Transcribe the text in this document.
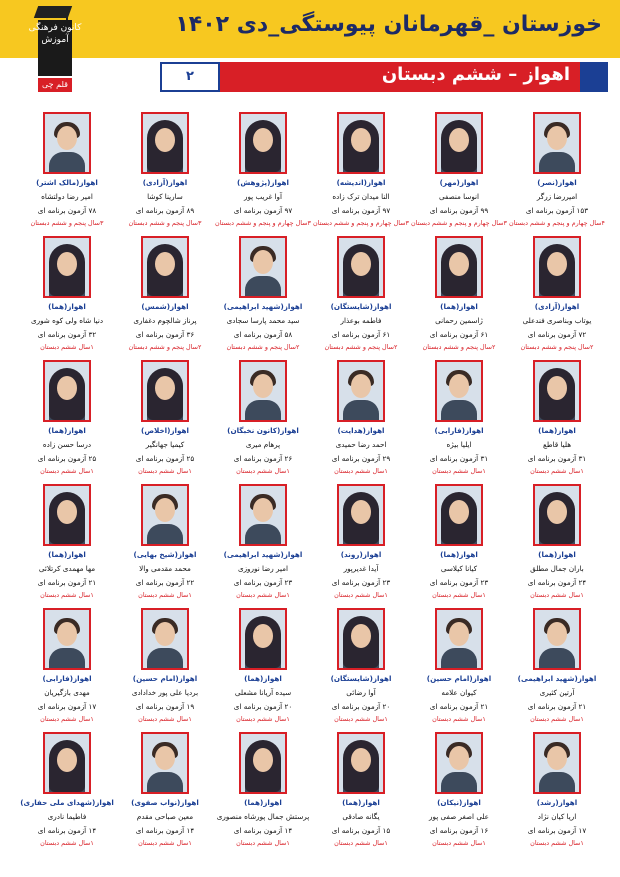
کانون فرهنگی آموزش
قلم چی
خوزستان _قهرمانان پیوستگی_دی ۱۴۰۲
۲	اهواز – ششم دبستان
اهواز(نصر)
امیررضا زرگر
۱۵۳ آزمون برنامه ای
۴سال چهارم و پنجم و ششم دبستان
اهواز(مهر)
انوسا منصفی
۹۹ آزمون برنامه ای
۳سال چهارم و پنجم و ششم دبستان
اهواز(اندیشه)
النا میدان ترک زاده
۹۷ آزمون برنامه ای
۳سال چهارم و پنجم و ششم دبستان
اهواز(پژوهش)
آوا غریب پور
۹۷ آزمون برنامه ای
۳سال چهارم و پنجم و ششم دبستان
اهواز(آزادی)
سارینا کوشا
۸۹ آزمون برنامه ای
۳سال پنجم و ششم دبستان
اهواز(مالک اشتر)
امیر رضا دولتشاه
۷۸ آزمون برنامه ای
۳سال پنجم و ششم دبستان
اهواز(آزادی)
یوتاب وبناصری فندعلی
۷۲ آزمون برنامه ای
۲سال پنجم و ششم دبستان
اهواز(هما)
ژاسمین رحمانی
۶۱ آزمون برنامه ای
۲سال پنجم و ششم دبستان
اهواز(شایستگان)
فاطمه بوعذار
۶۱ آزمون برنامه ای
۲سال پنجم و ششم دبستان
اهواز(شهید ابراهیمی)
سید محمد پارسا سجادی
۵۸ آزمون برنامه ای
۲سال پنجم و ششم دبستان
اهواز(شمس)
پرناز شالچوم دغفاری
۳۶ آزمون برنامه ای
۲سال پنجم و ششم دبستان
اهواز(هما)
دنیا شاه ولی کوه شوری
۳۲ آزمون برنامه ای
۱سال ششم دبستان
اهواز(هما)
هلیا قاطع
۳۱ آزمون برنامه ای
۱سال ششم دبستان
اهواز(فارابی)
ایلیا بیژه
۳۱ آزمون برنامه ای
۱سال ششم دبستان
اهواز(هدایت)
احمد رضا حمیدی
۲۹ آزمون برنامه ای
۱سال ششم دبستان
اهواز(کانون نخبگان)
پرهام میری
۲۶ آزمون برنامه ای
۱سال ششم دبستان
اهواز(اخلاص)
کیمیا جهانگیر
۲۵ آزمون برنامه ای
۱سال ششم دبستان
اهواز(هما)
درسا حسن زاده
۲۵ آزمون برنامه ای
۱سال ششم دبستان
اهواز(هما)
باران جمال مطلق
۲۴ آزمون برنامه ای
۱سال ششم دبستان
اهواز(هما)
کیانا کیلاسی
۲۳ آزمون برنامه ای
۱سال ششم دبستان
اهواز(روند)
آیدا غدیرپور
۲۳ آزمون برنامه ای
۱سال ششم دبستان
اهواز(شهید ابراهیمی)
امیر رضا نوروزی
۲۳ آزمون برنامه ای
۱سال ششم دبستان
اهواز(شیخ بهایی)
محمد مقدمی والا
۲۲ آزمون برنامه ای
۱سال ششم دبستان
اهواز(هما)
مها مهمدی کرتلائی
۲۱ آزمون برنامه ای
۱سال ششم دبستان
اهواز(شهید ابراهیمی)
آرتین کثیری
۲۱ آزمون برنامه ای
۱سال ششم دبستان
اهواز(امام حسین)
کیوان علامه
۲۱ آزمون برنامه ای
۱سال ششم دبستان
اهواز(شایستگان)
آوا رضائی
۲۰ آزمون برنامه ای
۱سال ششم دبستان
اهواز(هما)
سیده آریانا مشعلی
۲۰ آزمون برنامه ای
۱سال ششم دبستان
اهواز(امام حسین)
بردیا علی پور خدادادی
۱۹ آزمون برنامه ای
۱سال ششم دبستان
اهواز(فارابی)
مهدی بازگیریان
۱۷ آزمون برنامه ای
۱سال ششم دبستان
اهواز(رشد)
اریا کیان نژاد
۱۷ آزمون برنامه ای
۱سال ششم دبستان
اهواز(نیکان)
علی اصغر صفی پور
۱۶ آزمون برنامه ای
۱سال ششم دبستان
اهواز(هما)
یگانه صادقی
۱۵ آزمون برنامه ای
۱سال ششم دبستان
اهواز(هما)
پرستش جمال پورشاه منصوری
۱۴ آزمون برنامه ای
۱سال ششم دبستان
اهواز(نواب صفوی)
معین صباحی مقدم
۱۴ آزمون برنامه ای
۱سال ششم دبستان
اهواز(شهدای ملی حفاری)
فاطیما نادری
۱۴ آزمون برنامه ای
۱سال ششم دبستان
